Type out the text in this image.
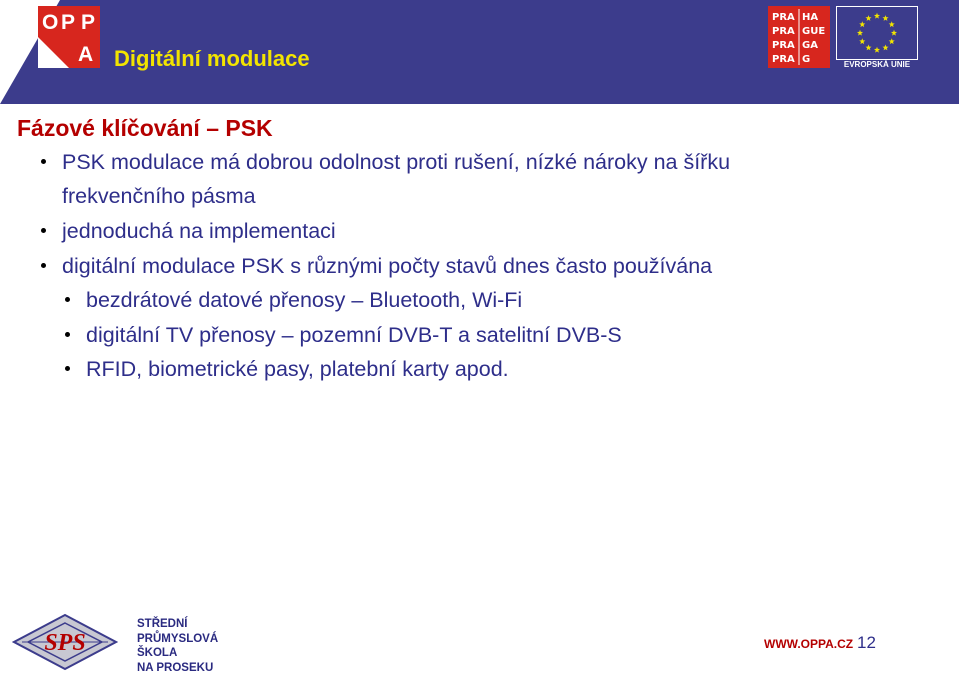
O P P
A Digitální modulace
PRA HA
PRA GUE
PRA GA
PRA G	EVROPSKÁ UNIE
Fázové klíčování – PSK
PSK modulace má dobrou odolnost proti rušení, nízké nároky na šířku
frekvenčního pásma
jednoduchá na implementaci
digitální modulace PSK s různými počty stavů dnes často používána
bezdrátové datové přenosy – Bluetooth, Wi-Fi
digitální TV přenosy – pozemní DVB-T a satelitní DVB-S
RFID, biometrické pasy, platební karty apod.
SPS
STŘEDNÍ
PRŮMYSLOVÁ
ŠKOLA
NA PROSEKU
WWW.OPPA.CZ 12
